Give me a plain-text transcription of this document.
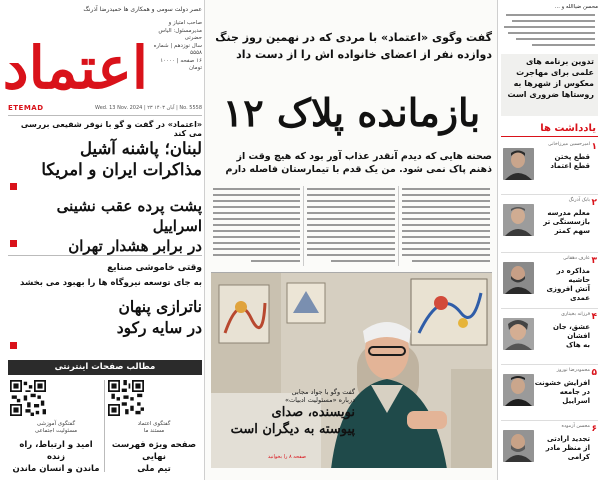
عصر دولت سومی و همکاری ها حمیدرضا آذرنگ
اعتماد
صاحب امتیاز و مدیرمسئول: الیاس حضرتی
سال نوزدهم | شماره ۵۵۵۸
۱۶ صفحه | ۱۰۰۰۰ تومان
ETEMAD	Wed. 13 Nov. 2024 | ۲۳ آبان ۱۴۰۳ | No. 5558
«اعتماد» در گفت و گو با نوفر شفیعی بررسی می کند
لبنان؛ پاشنه آشیل
مذاکرات ایران و امریکا
پشت پرده عقب نشینی اسراییل
در برابر هشدار تهران
وقتی خاموشی صنایع
به جای توسعه نیروگاه ها را بهبود می بخشد
ناترازی پنهان
در سایه رکود
مطالب صفحات اینترنتی
گفتگوی آموزشی
مسئولیت اجتماعی
امید و ارتباط، راه زنده
ماندن و انسان ماندن
گفتگوی اعتماد
مستند ما
صفحه ویژه فهرست نهایی
تیم ملی
گفت وگوی «اعتماد» با مردی که در نهمین روز جنگ
دوازده نفر از اعضای خانواده اش را از دست داد
بازمانده پلاک ۱۲
صحنه هایی که دیدم آنقدر عذاب آور بود که هیچ وقت از
ذهنم پاک نمی شود. من یک قدم با تیمارستان فاصله دارم
گفت وگو با جواد مجابی
درباره «مسئولیت ادبیات»
نویسنده، صدای
پیوسته به دیگران است
صفحه ۸ را بخوانید
محسن ضیاالله و ...
تدوین برنامه های
علمی برای مهاجرت
معکوس از شهرها به
روستاها ضروری است
یادداشت ها
۱
امیرحسین میرزاخانی
قطع پختن
قطع اعتماد
۲
بابک آذرنگ
معلم مدرسه
بازسستگی تر
سهم کمتر
۳
عارف دهقانی
مذاکره در حاشیه
آتش افروزی عمدی
۴
فرزانه بخیتاری
عشق، جان افشان
به هاک
۵
محمودرضا نوروز
افزایش خشونت
در جامعه اسراییل
۶
محسن آزموده
تجدید ارادتی
از منظر مادر کرامی
